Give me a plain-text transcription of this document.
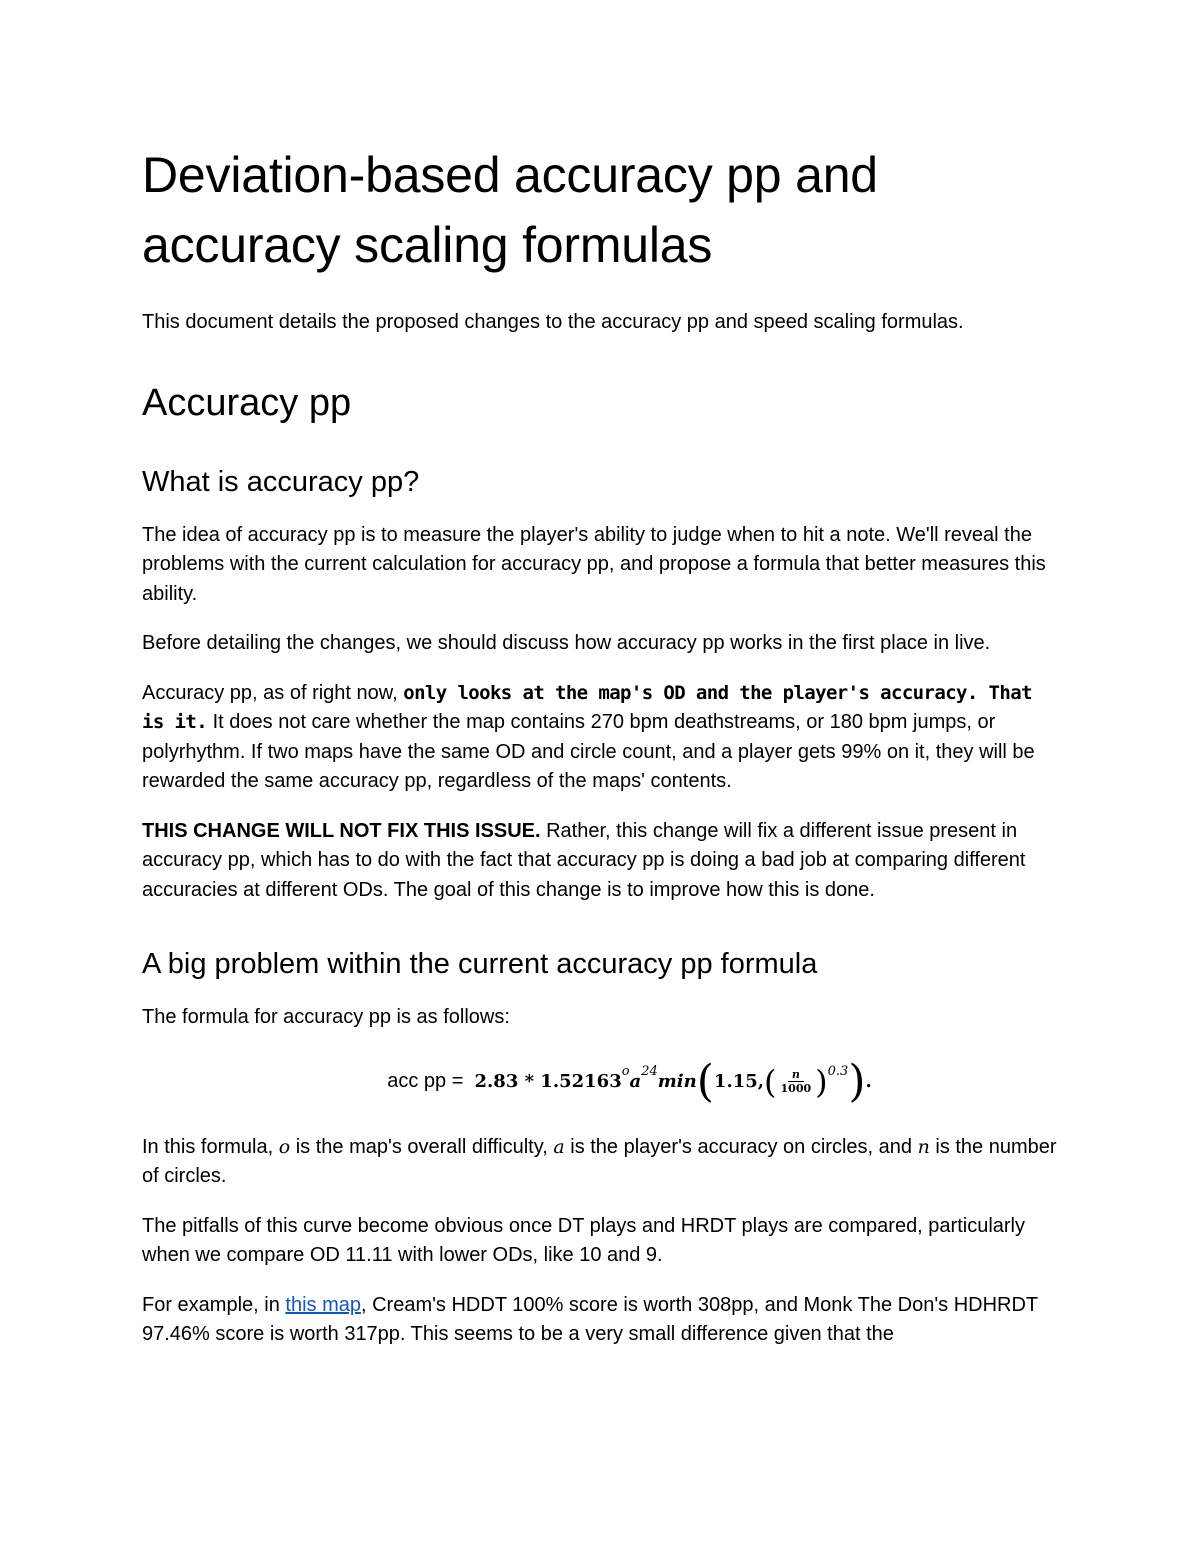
Deviation-based accuracy pp and accuracy scaling formulas

This document details the proposed changes to the accuracy pp and speed scaling formulas.

Accuracy pp
What is accuracy pp?

The idea of accuracy pp is to measure the player's ability to judge when to hit a note. We'll reveal the problems with the current calculation for accuracy pp, and propose a formula that better measures this ability.

Before detailing the changes, we should discuss how accuracy pp works in the first place in live.

Accuracy pp, as of right now, only looks at the map's OD and the player's accuracy. That is it. It does not care whether the map contains 270 bpm deathstreams, or 180 bpm jumps, or polyrhythm. If two maps have the same OD and circle count, and a player gets 99% on it, they will be rewarded the same accuracy pp, regardless of the maps' contents.

THIS CHANGE WILL NOT FIX THIS ISSUE. Rather, this change will fix a different issue present in accuracy pp, which has to do with the fact that accuracy pp is doing a bad job at comparing different accuracies at different ODs. The goal of this change is to improve how this is done.

A big problem within the current accuracy pp formula

The formula for accuracy pp is as follows:

acc pp =
2.83 * 1.52163 o a 24 min ( 1.15, ( $\frac{n}{1000}$ ) 0.3 ) .

In this formula, o is the map's overall difficulty, a is the player's accuracy on circles, and n is the number of circles.

The pitfalls of this curve become obvious once DT plays and HRDT plays are compared, particularly when we compare OD 11.11 with lower ODs, like 10 and 9.

For example, in this map, Cream's HDDT 100% score is worth 308pp, and Monk The Don's HDHRDT 97.46% score is worth 317pp. This seems to be a very small difference given that the
